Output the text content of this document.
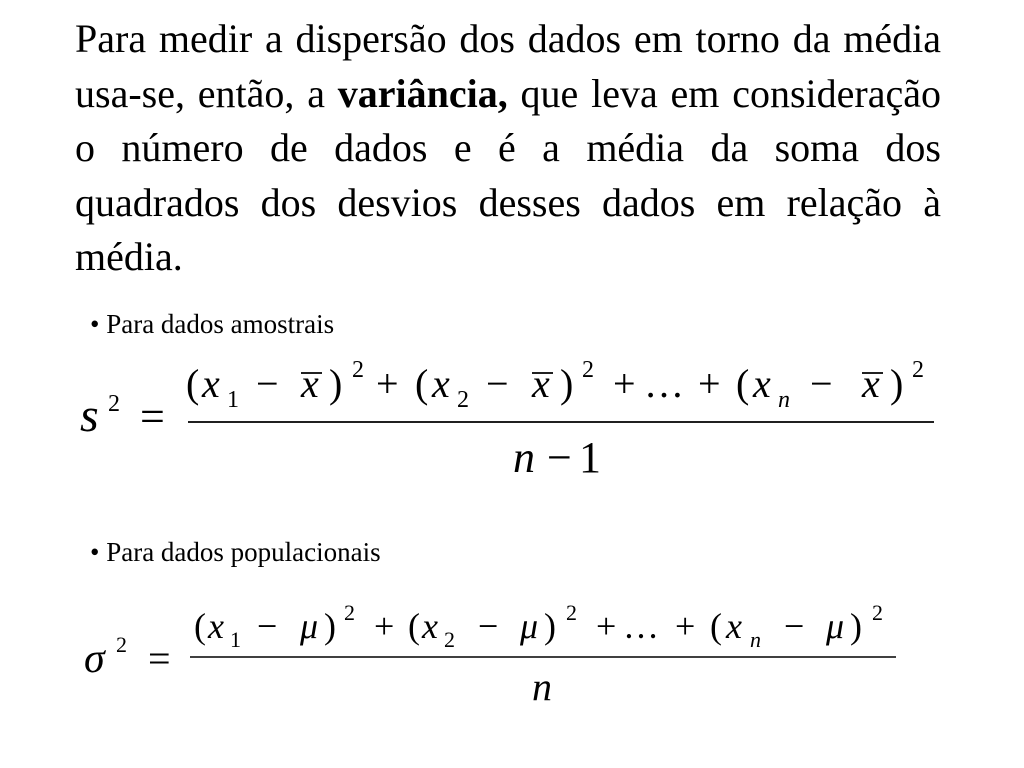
Para medir a dispersão dos dados em torno da média usa-se, então, a variância, que leva em consideração o número de dados e é a média da soma dos quadrados dos desvios desses dados em relação à média.
• Para dados amostrais
s 2 =
( x 1 − x ) 2 + ( x 2 − x ) 2 + … + ( x n − x ) 2
n − 1
• Para dados populacionais
σ 2 =
( x 1 − μ ) 2 + ( x 2 − μ ) 2 + … + ( x n − μ ) 2
n
